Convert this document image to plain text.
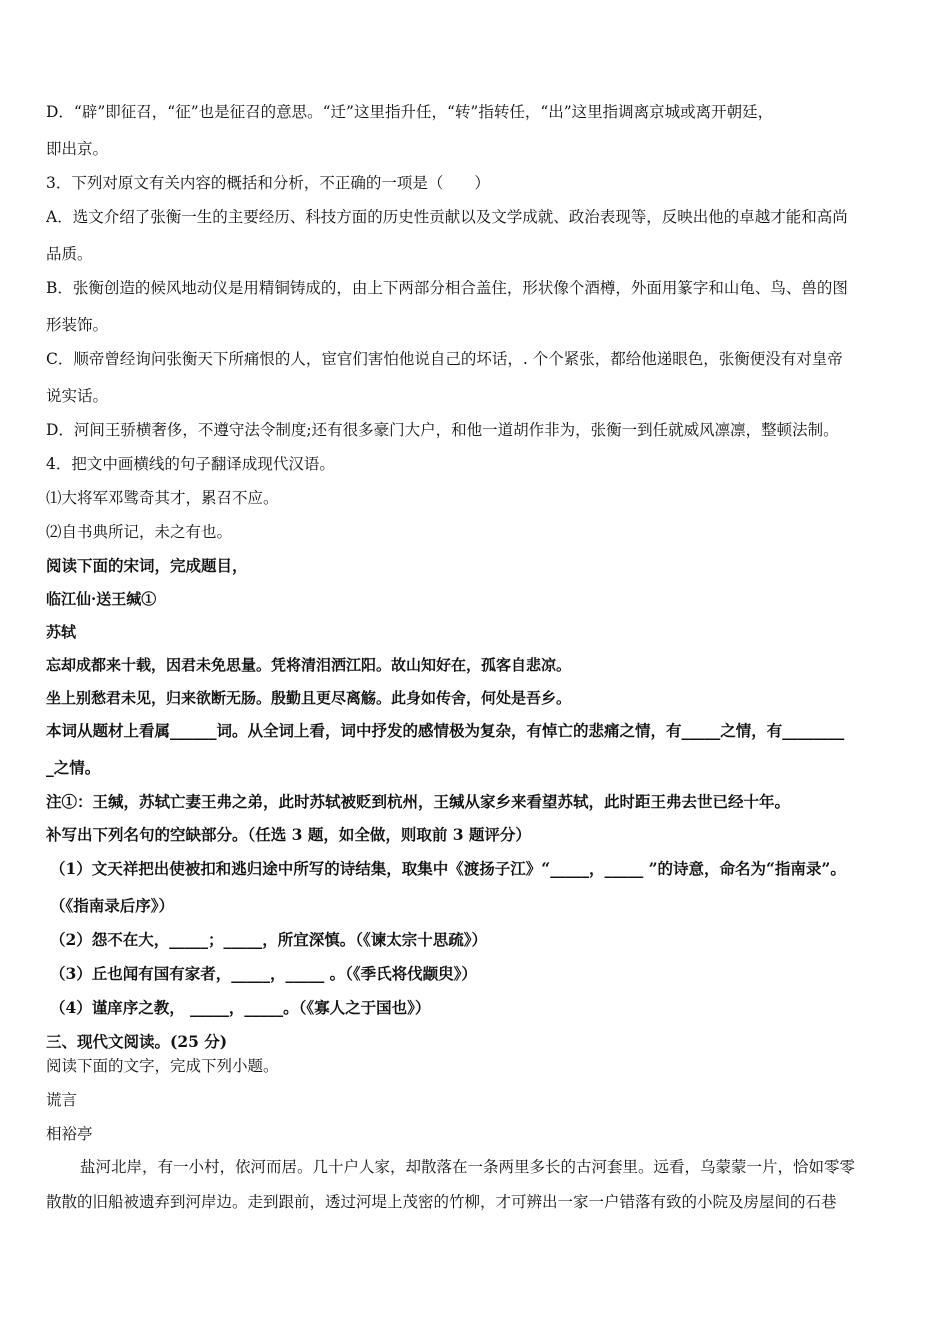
D．“辟”即征召，“征”也是征召的意思。“迁”这里指升任，“转”指转任，“出”这里指调离京城或离开朝廷，
即出京。
3．下列对原文有关内容的概括和分析，不正确的一项是（　　）
A．选文介绍了张衡一生的主要经历、科技方面的历史性贡献以及文学成就、政治表现等，反映出他的卓越才能和高尚
品质。
B．张衡创造的候风地动仪是用精铜铸成的，由上下两部分相合盖住，形状像个酒樽，外面用篆字和山龟、鸟、兽的图
形装饰。
C．顺帝曾经询问张衡天下所痛恨的人，宦官们害怕他说自己的坏话，. 个个紧张，都给他递眼色，张衡便没有对皇帝
说实话。
D．河间王骄横奢侈，不遵守法令制度;还有很多豪门大户，和他一道胡作非为，张衡一到任就威风凛凛，整顿法制。
4．把文中画横线的句子翻译成现代汉语。
⑴大将军邓骘奇其才，累召不应。
⑵自书典所记，未之有也。
阅读下面的宋词，完成题目，
临江仙·送王缄①
苏轼
忘却成都来十载，因君未免思量。凭将清泪洒江阳。故山知好在，孤客自悲凉。
坐上别愁君未见，归来欲断无肠。殷勤且更尽离觞。此身如传舍，何处是吾乡。
本词从题材上看属______词。从全词上看，词中抒发的感情极为复杂，有悼亡的悲痛之情，有_____之情，有________
_之情。
注①：王缄，苏轼亡妻王弗之弟，此时苏轼被贬到杭州，王缄从家乡来看望苏轼，此时距王弗去世已经十年。
补写出下列名句的空缺部分。（任选 3 题，如全做，则取前 3 题评分）
（1）文天祥把出使被扣和逃归途中所写的诗结集，取集中《渡扬子江》“_____，_____ ”的诗意，命名为“指南录”。
（《指南录后序》）
（2）怨不在大，_____；_____，所宜深慎。（《谏太宗十思疏》）
（3）丘也闻有国有家者，_____，_____ 。（《季氏将伐颛臾》）
（4）谨庠序之教， _____，_____。（《寡人之于国也》）
三、现代文阅读。(25 分)
阅读下面的文字，完成下列小题。
谎言
相裕亭
盐河北岸，有一小村，依河而居。几十户人家，却散落在一条两里多长的古河套里。远看，乌蒙蒙一片，恰如零零
散散的旧船被遗弃到河岸边。走到跟前，透过河堤上茂密的竹柳，才可辨出一家一户错落有致的小院及房屋间的石巷
